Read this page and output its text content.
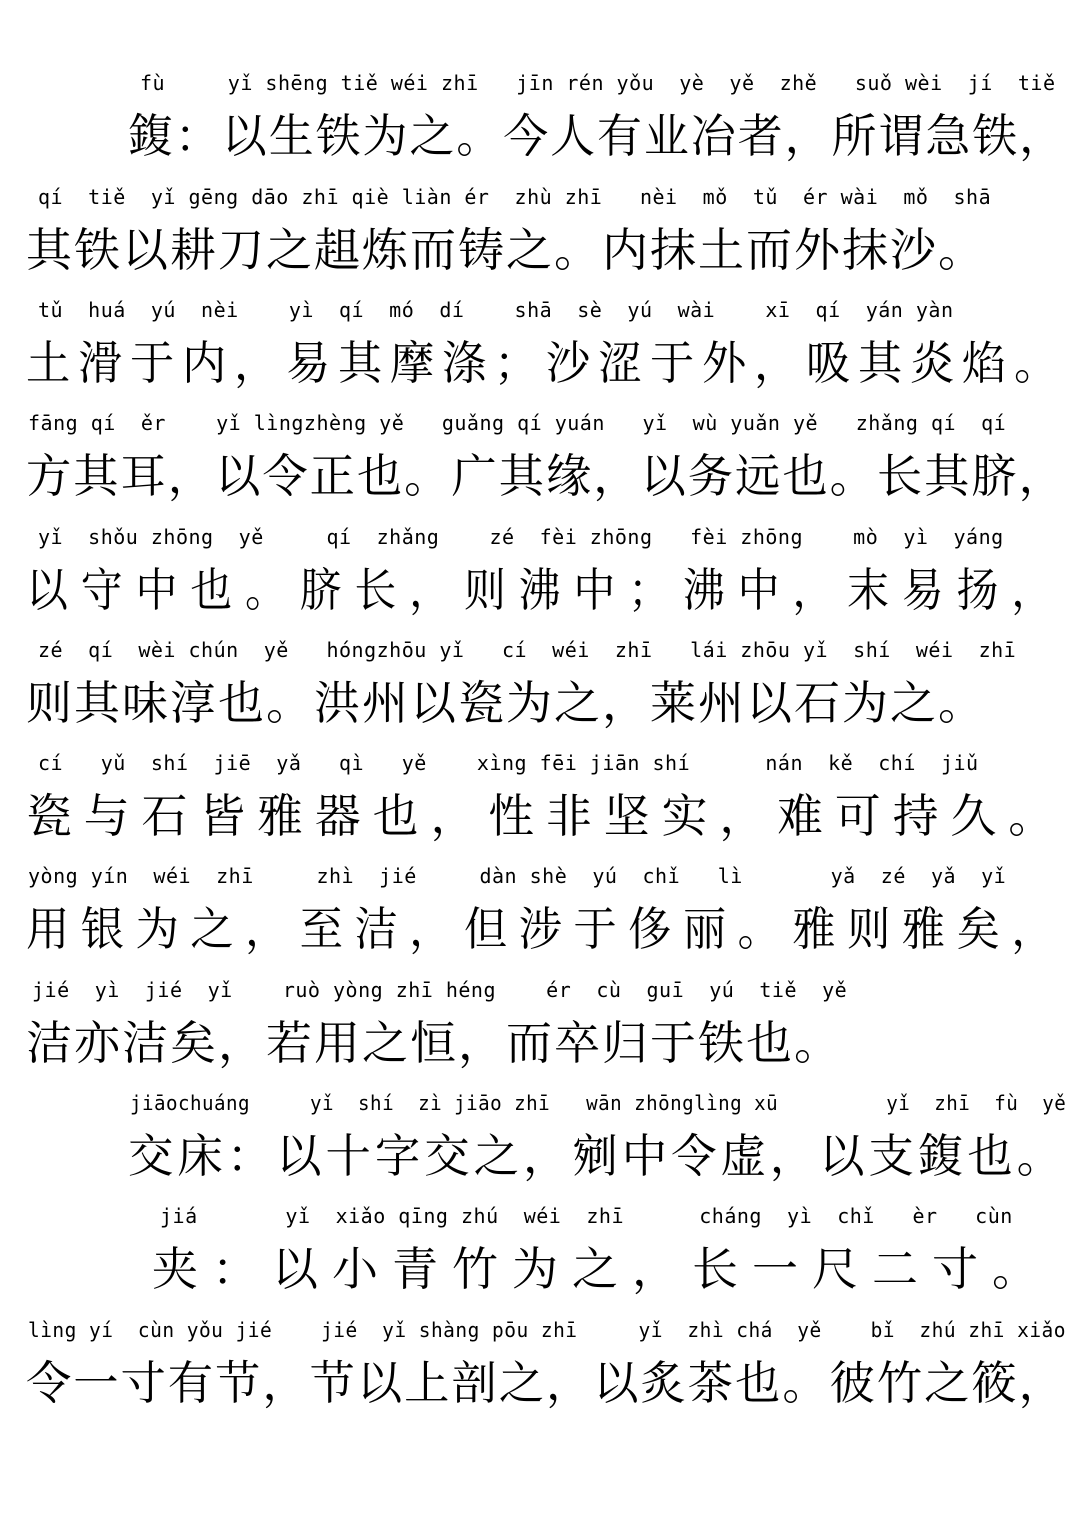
fù     yǐ shēng tiě wéi zhī   jīn rén yǒu  yè  yě  zhě   suǒ wèi  jí  tiě
鍑：以生铁为之。今人有业冶者，所谓急铁，
qí  tiě  yǐ gēng dāo zhī qiè liàn ér  zhù zhī   nèi  mǒ  tǔ  ér wài  mǒ  shā
其铁以耕刀之趄炼而铸之。内抹土而外抹沙。
tǔ  huá  yú  nèi    yì  qí  mó  dí    shā  sè  yú  wài    xī  qí  yán yàn
土滑于内，易其摩涤；沙涩于外，吸其炎焰。
fāng qí  ěr    yǐ lìngzhèng yě   guǎng qí yuán   yǐ  wù yuǎn yě   zhǎng qí  qí
方其耳，以令正也。广其缘，以务远也。长其脐，
yǐ  shǒu zhōng  yě     qí  zhǎng    zé  fèi zhōng   fèi zhōng    mò  yì  yáng
以守中也。脐长，则沸中；沸中，末易扬，
zé  qí  wèi chún  yě   hóngzhōu yǐ   cí  wéi  zhī   lái zhōu yǐ  shí  wéi  zhī
则其味淳也。洪州以瓷为之，莱州以石为之。
cí   yǔ  shí  jiē  yǎ   qì   yě    xìng fēi jiān shí      nán  kě  chí  jiǔ
瓷与石皆雅器也，性非坚实，难可持久。
yòng yín  wéi  zhī     zhì  jié     dàn shè  yú  chǐ   lì       yǎ  zé  yǎ  yǐ
用银为之，至洁，但涉于侈丽。雅则雅矣，
jié  yì  jié  yǐ    ruò yòng zhī héng    ér  cù  guī  yú  tiě  yě
洁亦洁矣，若用之恒，而卒归于铁也。
jiāochuáng     yǐ  shí  zì jiāo zhī   wān zhōnglìng xū         yǐ  zhī  fù  yě
交床：以十字交之，剜中令虚，以支鍑也。
jiá       yǐ  xiǎo qīng zhú  wéi  zhī      cháng  yì  chǐ   èr   cùn
夹：以小青竹为之，长一尺二寸。
lìng yí  cùn yǒu jié    jié  yǐ shàng pōu zhī     yǐ  zhì chá  yě    bǐ  zhú zhī xiǎo
令一寸有节，节以上剖之，以炙茶也。彼竹之筱，
